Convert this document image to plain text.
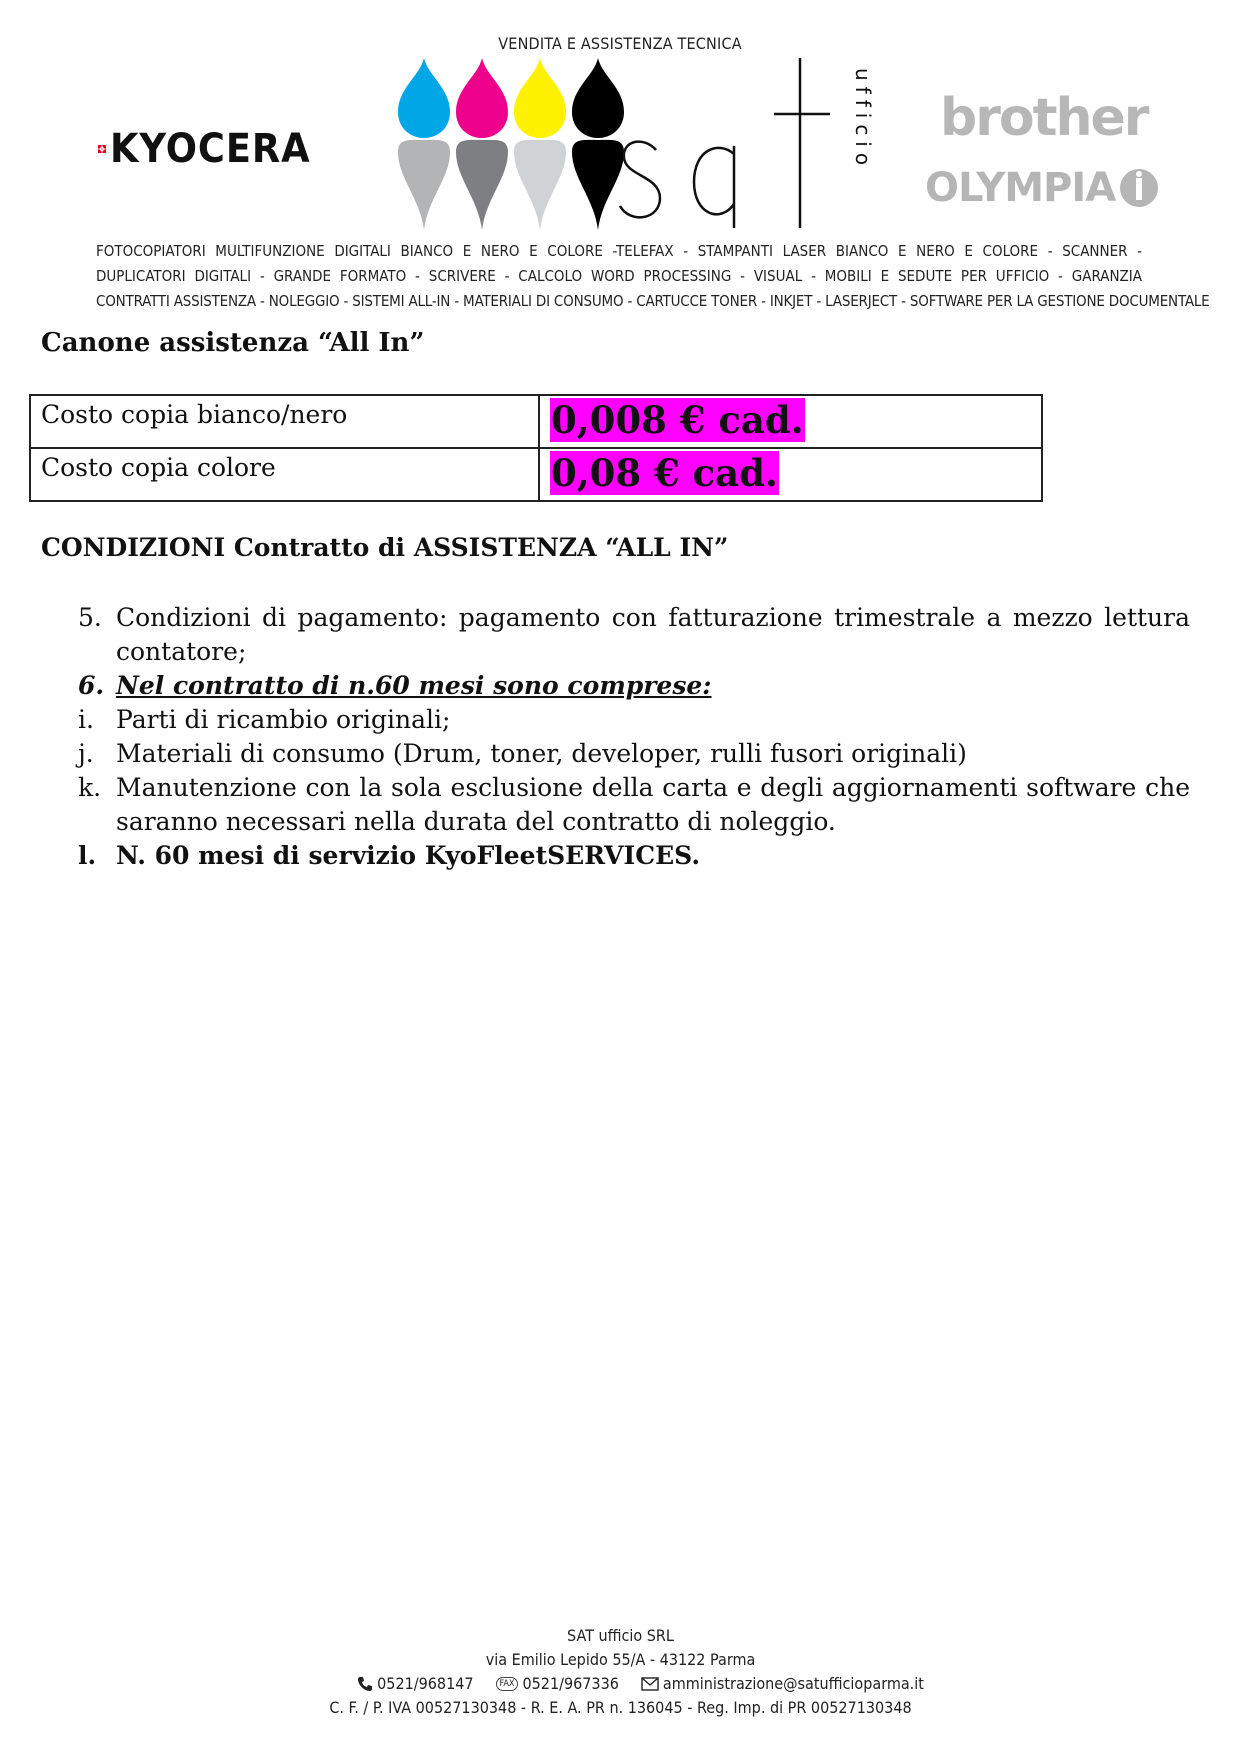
KYOCERA
VENDITA E ASSISTENZA TECNICA
ufficio brother
OLYMPIA
FOTOCOPIATORI MULTIFUNZIONE DIGITALI BIANCO E NERO E COLORE -TELEFAX - STAMPANTI LASER BIANCO E NERO E COLORE - SCANNER -
DUPLICATORI DIGITALI - GRANDE FORMATO - SCRIVERE - CALCOLO WORD PROCESSING - VISUAL - MOBILI E SEDUTE PER UFFICIO - GARANZIA
CONTRATTI ASSISTENZA - NOLEGGIO - SISTEMI ALL-IN - MATERIALI DI CONSUMO - CARTUCCE TONER - INKJET - LASERJECT - SOFTWARE PER LA GESTIONE DOCUMENTALE
Canone assistenza “All In”
Costo copia bianco/nero	0,008 € cad.
Costo copia colore	0,08 € cad.
CONDIZIONI Contratto di ASSISTENZA “ALL IN”
5. Condizioni di pagamento: pagamento con fatturazione trimestrale a mezzo lettura contatore;
6. Nel contratto di n.60 mesi sono comprese:
i. Parti di ricambio originali;
j. Materiali di consumo (Drum, toner, developer, rulli fusori originali)
k. Manutenzione con la sola esclusione della carta e degli aggiornamenti software che saranno necessari nella durata del contratto di noleggio.
l. N. 60 mesi di servizio KyoFleetSERVICES.
SAT ufficio SRL
via Emilio Lepido 55/A - 43122 Parma
0521/968147	FAX 0521/967336	amministrazione@satufficioparma.it
C. F. / P. IVA 00527130348 - R. E. A. PR n. 136045 - Reg. Imp. di PR 00527130348
